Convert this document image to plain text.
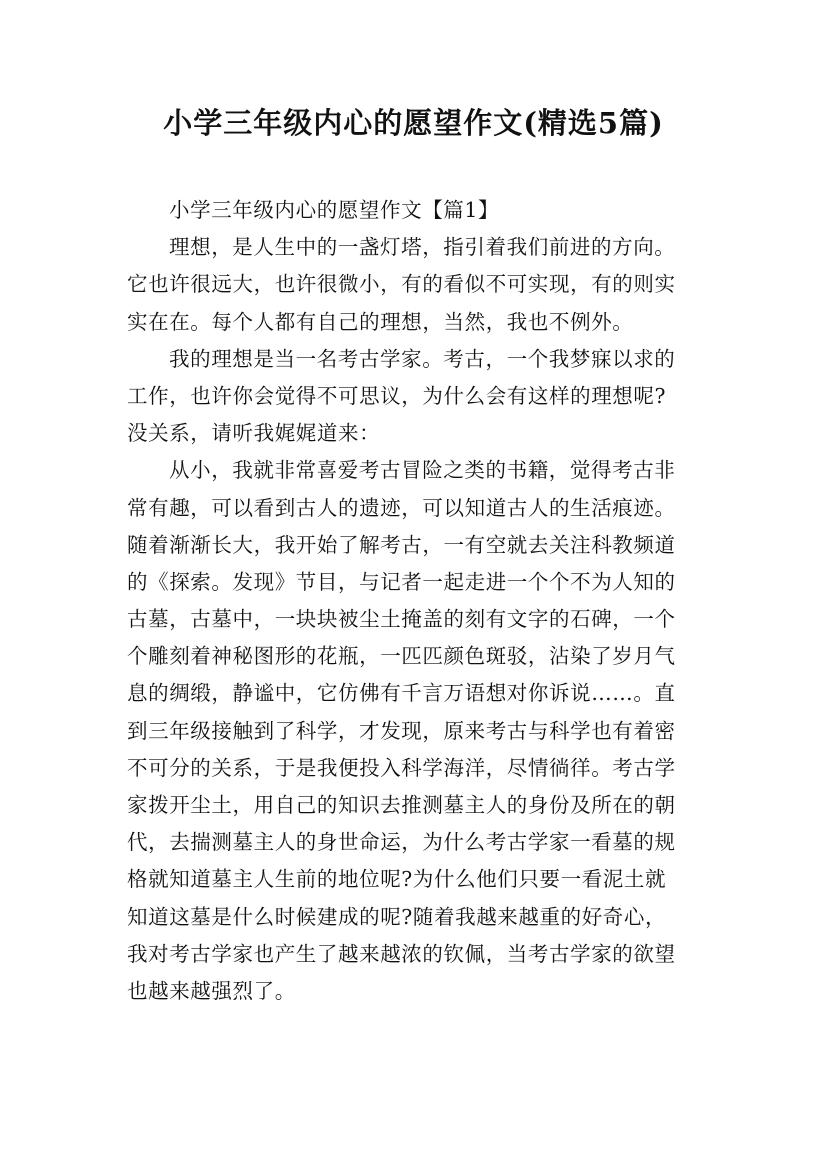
小学三年级内心的愿望作文(精选5篇)
小学三年级内心的愿望作文【篇1】
理想，是人生中的一盏灯塔，指引着我们前进的方向。
它也许很远大，也许很微小，有的看似不可实现，有的则实
实在在。每个人都有自己的理想，当然，我也不例外。
我的理想是当一名考古学家。考古，一个我梦寐以求的
工作，也许你会觉得不可思议，为什么会有这样的理想呢?
没关系，请听我娓娓道来：
从小，我就非常喜爱考古冒险之类的书籍，觉得考古非
常有趣，可以看到古人的遗迹，可以知道古人的生活痕迹。
随着渐渐长大，我开始了解考古，一有空就去关注科教频道
的《探索。发现》节目，与记者一起走进一个个不为人知的
古墓，古墓中，一块块被尘土掩盖的刻有文字的石碑，一个
个雕刻着神秘图形的花瓶，一匹匹颜色斑驳，沾染了岁月气
息的绸缎，静谧中，它仿佛有千言万语想对你诉说……。直
到三年级接触到了科学，才发现，原来考古与科学也有着密
不可分的关系，于是我便投入科学海洋，尽情徜徉。考古学
家拨开尘土，用自己的知识去推测墓主人的身份及所在的朝
代，去揣测墓主人的身世命运，为什么考古学家一看墓的规
格就知道墓主人生前的地位呢?为什么他们只要一看泥土就
知道这墓是什么时候建成的呢?随着我越来越重的好奇心，
我对考古学家也产生了越来越浓的钦佩，当考古学家的欲望
也越来越强烈了。
